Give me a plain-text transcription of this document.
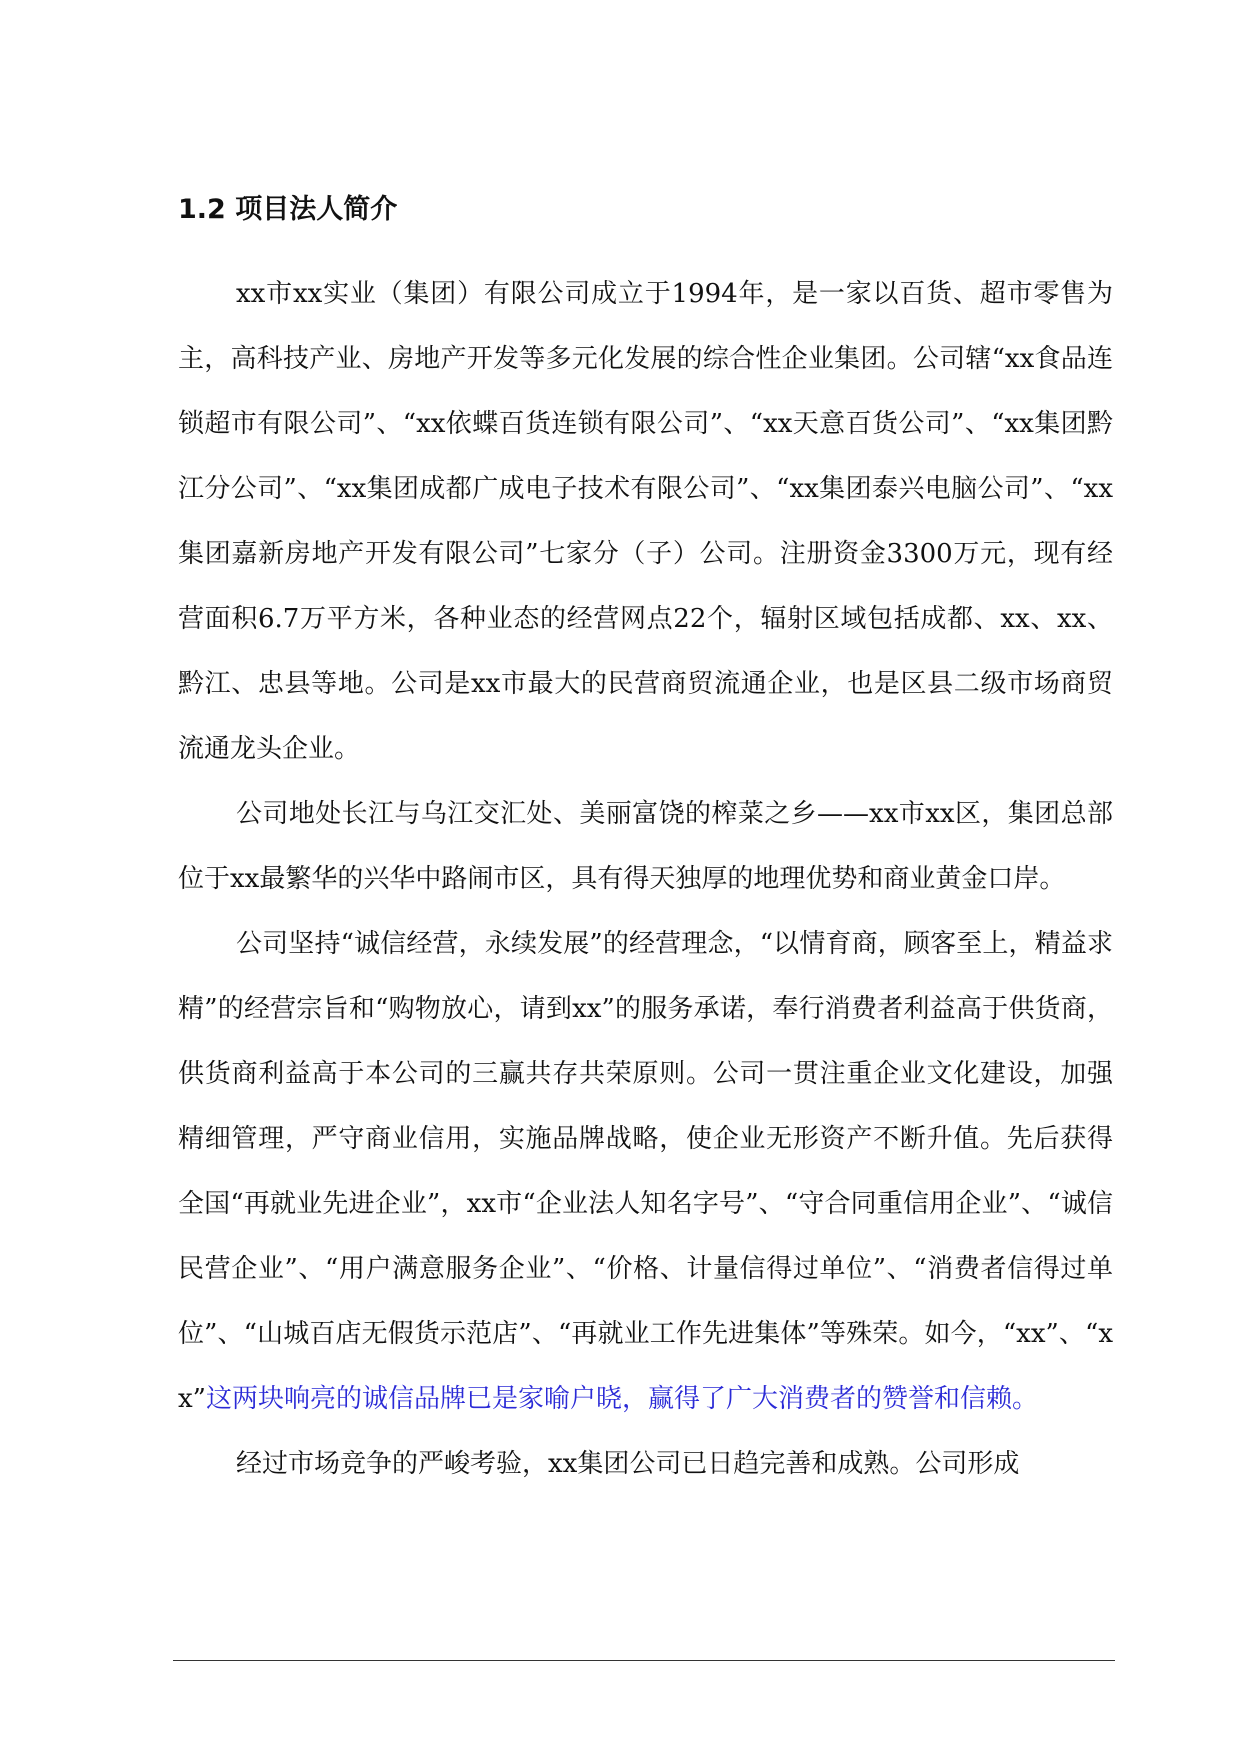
1.2 项目法人简介

xx市xx实业（集团）有限公司成立于1994年，是一家以百货、超市零售为主，高科技产业、房地产开发等多元化发展的综合性企业集团。公司辖“xx食品连锁超市有限公司”、“xx依蝶百货连锁有限公司”、“xx天意百货公司”、“xx集团黔江分公司”、“xx集团成都广成电子技术有限公司”、“xx集团泰兴电脑公司”、“xx集团嘉新房地产开发有限公司”七家分（子）公司。注册资金3300万元，现有经营面积6.7万平方米，各种业态的经营网点22个，辐射区域包括成都、xx、xx、黔江、忠县等地。公司是xx市最大的民营商贸流通企业，也是区县二级市场商贸流通龙头企业。

公司地处长江与乌江交汇处、美丽富饶的榨菜之乡——xx市xx区，集团总部位于xx最繁华的兴华中路闹市区，具有得天独厚的地理优势和商业黄金口岸。

公司坚持“诚信经营，永续发展”的经营理念，“以情育商，顾客至上，精益求精”的经营宗旨和“购物放心，请到xx”的服务承诺，奉行消费者利益高于供货商，供货商利益高于本公司的三赢共存共荣原则。公司一贯注重企业文化建设，加强精细管理，严守商业信用，实施品牌战略，使企业无形资产不断升值。先后获得全国“再就业先进企业”，xx市“企业法人知名字号”、“守合同重信用企业”、“诚信民营企业”、“用户满意服务企业”、“价格、计量信得过单位”、“消费者信得过单位”、“山城百店无假货示范店”、“再就业工作先进集体”等殊荣。如今，“xx”、“xx”这两块响亮的诚信品牌已是家喻户晓，赢得了广大消费者的赞誉和信赖。

经过市场竞争的严峻考验，xx集团公司已日趋完善和成熟。公司形成
